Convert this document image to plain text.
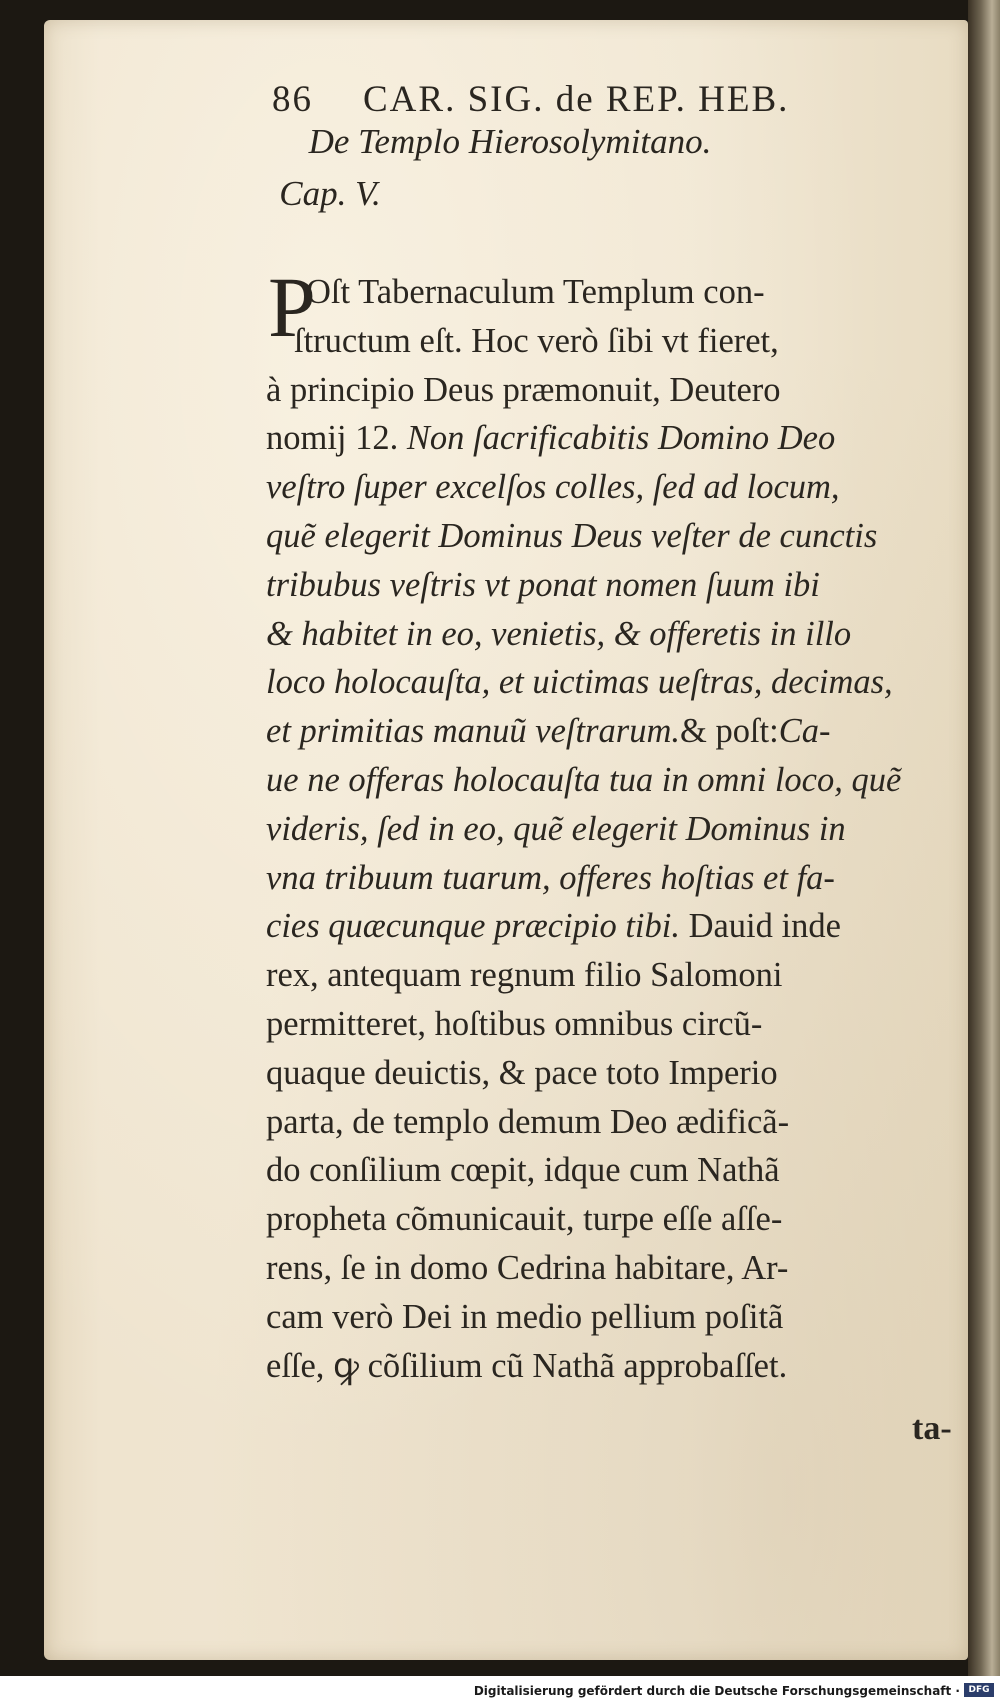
86 CAR. SIG. de REP. HEB.
De Templo Hierosolymitano.
Cap. V.
P
Oſt Tabernaculum Templum con-
ſtructum eſt. Hoc verò ſibi vt fieret,
à principio Deus præmonuit, Deutero
nomij 12. Non ſacrificabitis Domino Deo
veſtro ſuper excelſos colles, ſed ad locum,
quẽ elegerit Dominus Deus veſter de cunctis
tribubus veſtris vt ponat nomen ſuum ibi
& habitet in eo, venietis, & offeretis in illo
loco holocauſta, et uictimas ueſtras, decimas,
et primitias manuũ veſtrarum.& poſt:Ca-
ue ne offeras holocauſta tua in omni loco, quẽ
videris, ſed in eo, quẽ elegerit Dominus in
vna tribuum tuarum, offeres hoſtias et fa-
cies quæcunque præcipio tibi. Dauid inde
rex, antequam regnum filio Salomoni
permitteret, hoſtibus omnibus circũ-
quaque deuictis, & pace toto Imperio
parta, de templo demum Deo ædificã-
do conſilium cœpit, idque cum Nathã
propheta cõmunicauit, turpe eſſe aſſe-
rens, ſe in domo Cedrina habitare, Ar-
cam verò Dei in medio pellium poſitã
eſſe, ꝙ cõſilium cũ Nathã approbaſſet.
ta-
Digitalisierung gefördert durch die Deutsche Forschungsgemeinschaft · DFG
